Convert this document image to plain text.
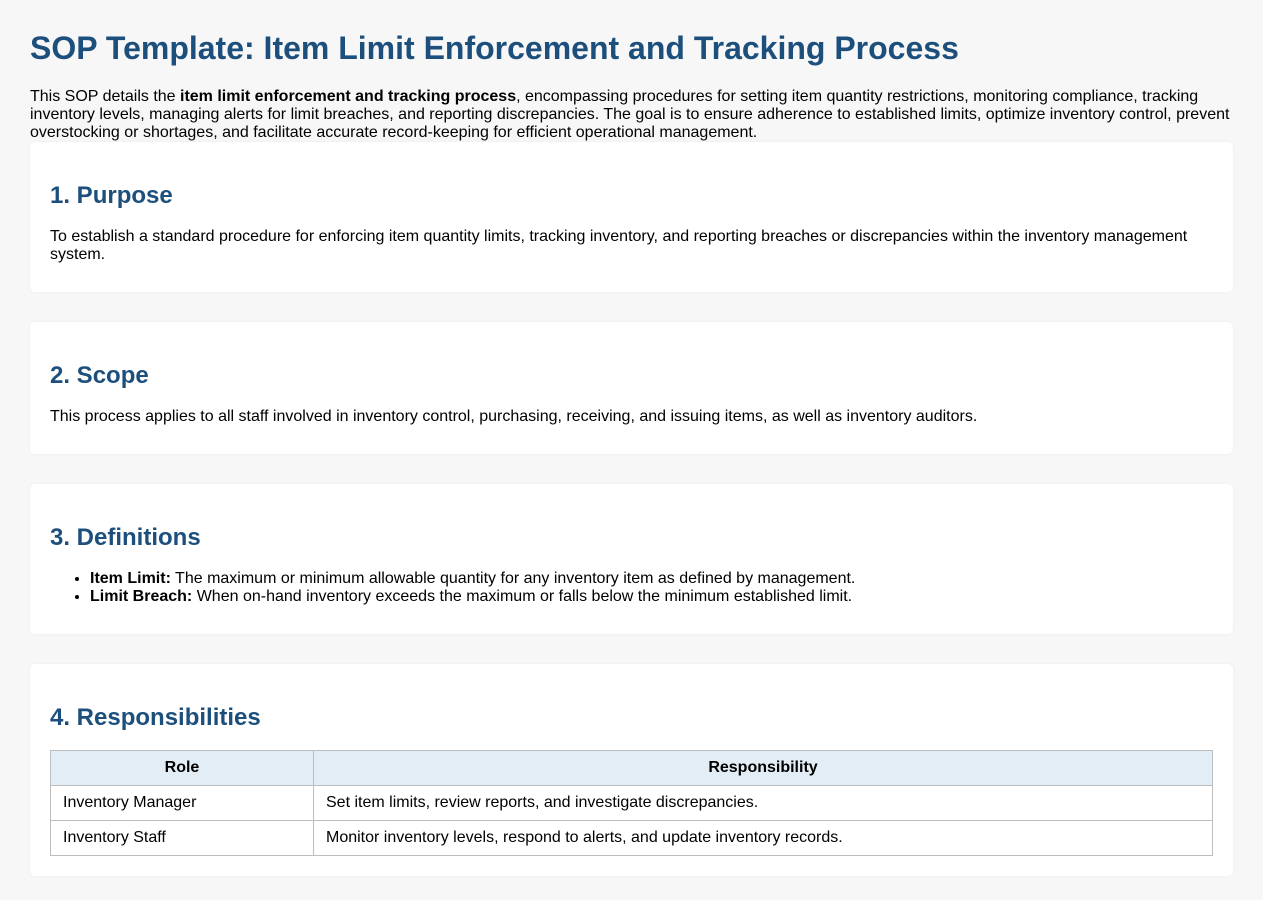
SOP Template: Item Limit Enforcement and Tracking Process

This SOP details the item limit enforcement and tracking process, encompassing procedures for setting item quantity restrictions, monitoring compliance, tracking inventory levels, managing alerts for limit breaches, and reporting discrepancies. The goal is to ensure adherence to established limits, optimize inventory control, prevent overstocking or shortages, and facilitate accurate record-keeping for efficient operational management.

1. Purpose

To establish a standard procedure for enforcing item quantity limits, tracking inventory, and reporting breaches or discrepancies within the inventory management system.

2. Scope

This process applies to all staff involved in inventory control, purchasing, receiving, and issuing items, as well as inventory auditors.

3. Definitions
• Item Limit: The maximum or minimum allowable quantity for any inventory item as defined by management.
• Limit Breach: When on-hand inventory exceeds the maximum or falls below the minimum established limit.
4. Responsibilities
Role	Responsibility
Inventory Manager	Set item limits, review reports, and investigate discrepancies.
Inventory Staff	Monitor inventory levels, respond to alerts, and update inventory records.
